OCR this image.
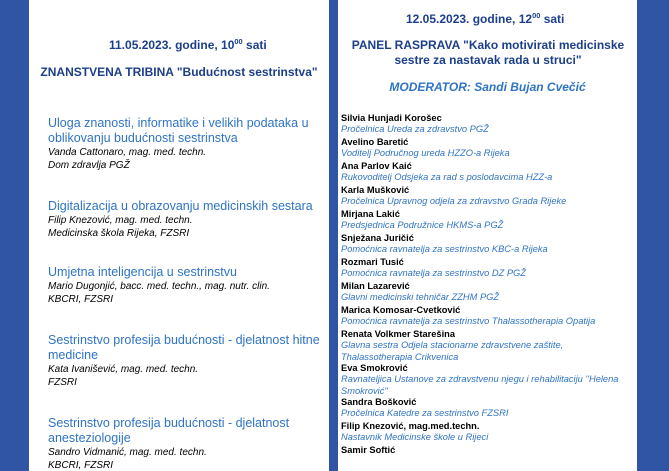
11.05.2023. godine, $10^{00}$ sati
ZNANSTVENA TRIBINA "Budućnost sestrinstva"
Uloga znanosti, informatike i velikih podataka u oblikovanju budućnosti sestrinstva
Vanda Cattonaro, mag. med. techn.
Dom zdravlja PGŽ
Digitalizacija u obrazovanju medicinskih sestara
Filip Knezović, mag. med. techn.
Medicinska škola Rijeka, FZSRI
Umjetna inteligencija u sestrinstvu
Mario Dugonjić, bacc. med. techn., mag. nutr. clin.
KBCRI, FZSRI
Sestrinstvo profesija budućnosti - djelatnost hitne medicine
Kata Ivanišević, mag. med. techn.
FZSRI
Sestrinstvo profesija budućnosti - djelatnost anesteziologije
Sandro Vidmanić, mag. med. techn.
KBCRI, FZSRI
12.05.2023. godine, $12^{00}$ sati
PANEL RASPRAVA "Kako motivirati medicinske sestre za nastavak rada u struci"
MODERATOR: Sandi Bujan Cvečić
Silvia Hunjadi Korošec
Pročelnica Ureda za zdravstvo PGŽ
Avelino Baretić
Voditelj Područnog ureda HZZO-a Rijeka
Ana Parlov Kaić
Rukovoditelj Odsjeka za rad s poslodavcima HZZ-a
Karla Mušković
Pročelnica Upravnog odjela za zdravstvo Grada Rijeke
Mirjana Lakić
Predsjednica Podružnice HKMS-a PGŽ
Snježana Juričić
Pomoćnica ravnatelja za sestrinstvo KBC-a Rijeka
Rozmari Tusić
Pomoćnica ravnatelja za sestrinstvo DZ PGŽ
Milan Lazarević
Glavni medicinski tehničar ZZHM PGŽ
Marica Komosar-Cvetković
Pomoćnica ravnatelja za sestrinstvo Thalassotherapia Opatija
Renata Volkmer Starešina
Glavna sestra Odjela stacionarne zdravstvene zaštite, Thalassotherapia Crikvenica
Eva Smokrović
Ravnateljica Ustanove za zdravstvenu njegu i rehabilitaciju ''Helena Smokrović''
Sandra Bošković
Pročelnica Katedre za sestrinstvo FZSRI
Filip Knezović, mag.med.techn.
Nastavnik Medicinske škole u Rijeci
Samir Softić
